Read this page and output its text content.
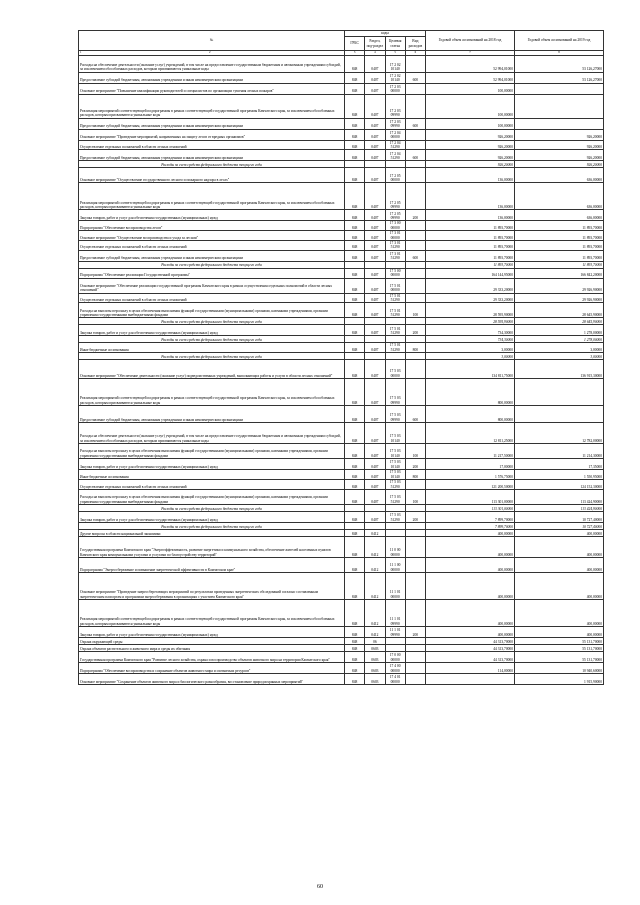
№	коды				Годовой объем ассигнований на 2018 год	Годовой объем ассигнований на 2019 год
	ГРБС	Раздел, под-раздел	Целевая статья	Вид расходов		
1 2	3	4	5	6	7	8
Расходы на обеспечение деятельности (оказание услуг) учреждений, в том числе на предоставление государственным бюджетным и автономным учреждениям субсидий, за исключением обособленных расходов, которым присваиваются уникальные коды	848	0407	17 2 02 10140		52 994,01000	53 126,27000
Предоставление субсидий бюджетным, автономным учреждениям и иным некоммерческим организациям	848	0407	17 2 02 10140	600	52 994,01000	53 126,27000
Основное мероприятие "Повышение квалификации руководителей и специалистов по организации тушения лесных пожаров"	848	0407	17 2 03 00000		100,00000	
Реализация мероприятий соответствующей подпрограммы в рамках соответствующей государственной программы Камчатского края, за исключением обособленных расходов, которым присваиваются уникальные коды	848	0407	17 2 03 09990		100,00000	
Предоставление субсидий бюджетным, автономным учреждениям и иным некоммерческим организациям	848	0407	17 2 03 09990	600	100,00000	
Основное мероприятие "Проведение мероприятий, направленных на защиту лесов от вредных организмов"	848	0407	17 2 04 00000		926,20000	926,20000
Осуществление отдельных полномочий в области лесных отношений	848	0407	17 2 04 51290		926,20000	926,20000
Предоставление субсидий бюджетным, автономным учреждениям и иным некоммерческим организациям	848	0407	17 2 04 51290	600	926,20000	926,20000
Расходы за счет средств федерального бюджета текущего года					926,20000	926,20000
Основное мероприятие "Осуществление государственного лесного и пожарного надзора в лесах"	848	0407	17 2 05 00000		136,00000	636,00000
Реализация мероприятий соответствующей подпрограммы в рамках соответствующей государственной программы Камчатского края, за исключением обособленных расходов, которым присваиваются уникальные коды	848	0407	17 2 05 09990		136,00000	636,00000
Закупка товаров, работ и услуг для обеспечения государственных (муниципальных) нужд	848	0407	17 2 05 09990	200	136,00000	636,00000
Подпрограмма "Обеспечение воспроизводства лесов"	848	0407	17 3 00 00000		11 893,70000	11 893,70000
Основное мероприятие "Осуществление воспроизводства и ухода за лесами"	848	0407	17 3 01 00000		11 893,70000	11 893,70000
Осуществление отдельных полномочий в области лесных отношений	848	0407	17 3 01 51290		11 893,70000	11 893,70000
Предоставление субсидий бюджетным, автономным учреждениям и иным некоммерческим организациям	848	0407	17 3 01 51290	600	11 893,70000	11 893,70000
Расходы за счет средств федерального бюджета текущего года					11 893,70000	11 893,70000
Подпрограмма "Обеспечение реализации Государственной программы"	848	0407	17 5 00 00000		164 144,95000	166 842,20000
Основное мероприятие "Обеспечение реализации государственной программы Камчатского края в рамках осуществления отдельных полномочий в области лесных отношений"	848	0407	17 5 01 00000		29 333,20000	29 926,90000
Осуществление отдельных полномочий в области лесных отношений	848	0407	17 5 01 51290		29 333,20000	29 926,90000
Расходы на выплаты персоналу в целях обеспечения выполнения функций государственными (муниципальными) органами, казенными учреждениями, органами управления государственными внебюджетными фондами	848	0407	17 5 01 51290	100	28 595,90000	28 645,90000
Расходы за счет средств федерального бюджета текущего года					28 595,90000	28 645,90000
Закупка товаров, работ и услуг для обеспечения государственных (муниципальных) нужд	848	0407	17 5 01 51290	200	734,30000	1 278,00000
Расходы за счет средств федерального бюджета текущего года					734,30000	1 278,00000
Иные бюджетные ассигнования	848	0407	17 5 01 51290	800	3,00000	3,00000
Расходы за счет средств федерального бюджета текущего года					3,00000	3,00000
Основное мероприятие "Обеспечение деятельности (оказание услуг) подведомственных учреждений, выполняющих работы и услуги в области лесных отношений"	848	0407	17 5 03 00000		134 811,75000	136 915,30000
Реализация мероприятий соответствующей подпрограммы в рамках соответствующей государственной программы Камчатского края, за исключением обособленных расходов, которым присваиваются уникальные коды	848	0407	17 5 03 09990		800,00000	
Предоставление субсидий бюджетным, автономным учреждениям и иным некоммерческим организациям	848	0407	17 5 03 09990	600	800,00000	
Расходы на обеспечение деятельности (оказание услуг) учреждений, в том числе на предоставление государственным бюджетным и автономным учреждениям субсидий, за исключением обособленных расходов, которым присваиваются уникальные коды	848	0407	17 5 03 10140		12 811,25000	12 782,00000
Расходы на выплаты персоналу в целях обеспечения выполнения функций государственными (муниципальными) органами, казенными учреждениями, органами управления государственными внебюджетными фондами	848	0407	17 5 03 10140	100	11 217,50000	11 214,30000
Закупка товаров, работ и услуг для обеспечения государственных (муниципальных) нужд	848	0407	17 5 03 10140	200	17,00000	17,35000
Иные бюджетные ассигнования	848	0407	17 5 03 10140	800	1 576,75000	1 550,95000
Осуществление отдельных полномочий в области лесных отношений	848	0407	17 5 03 51290		121 200,50000	124 152,30000
Расходы на выплаты персоналу в целях обеспечения выполнения функций государственными (муниципальными) органами, казенными учреждениями, органами управления государственными внебюджетными фондами	848	0407	17 5 03 51290	100	113 301,00000	113 424,90000
Расходы за счет средств федерального бюджета текущего года					113 301,00000	113 424,90000
Закупка товаров, работ и услуг для обеспечения государственных (муниципальных) нужд	848	0407	17 5 03 51290	200	7 899,70000	10 727,40000
Расходы за счет средств федерального бюджета текущего года					7 899,70000	10 727,40000
Другие вопросы в области национальной экономики	848	0412			400,00000	400,00000
Государственная программа Камчатского края "Энергоэффективность, развитие энергетики и коммунального хозяйства, обеспечение жителей населенных пунктов Камчатского края коммунальными услугами и услугами по благоустройству территорий"	848	0412	11 0 00 00000		400,00000	400,00000
Подпрограмма "Энергосбережение и повышение энергетической эффективности в Камчатском крае"	848	0412	11 1 00 00000		400,00000	400,00000
Основное мероприятие "Проведение энергосберегающих мероприятий по результатам проведенных энергетических обследований согласно составленным энергетическим паспортам и программам энергосбережения в организациях с участием Камчатского края"	848	0412	11 1 01 00000		400,00000	400,00000
Реализация мероприятий соответствующей подпрограммы в рамках соответствующей государственной программы Камчатского края, за исключением обособленных расходов, которым присваиваются уникальные коды	848	0412	11 1 01 09990		400,00000	400,00000
Закупка товаров, работ и услуг для обеспечения государственных (муниципальных) нужд	848	0412	11 1 01 09990	200	400,00000	400,00000
Охрана окружающей среды	848	06			44 313,70000	55 131,70000
Охрана объектов растительного и животного мира и среды их обитания	848	0603			44 313,70000	55 131,70000
Государственная программа Камчатского края "Развитие лесного хозяйства, охрана и воспроизводство объектов животного мира на территории Камчатского края"	848	0603	17 0 00 00000		44 313,70000	55 131,70000
Подпрограмма "Обеспечение воспроизводства и сохранение объектов животного мира и охотничьих ресурсов"	848	0603	17 4 00 00000		114,00000	10 940,60000
Основное мероприятие "Сохранение объектов животного мира и биологического разнообразия, восстановление природоохранных мероприятий"	848	0603	17 4 01 00000			1 915,90000
60
